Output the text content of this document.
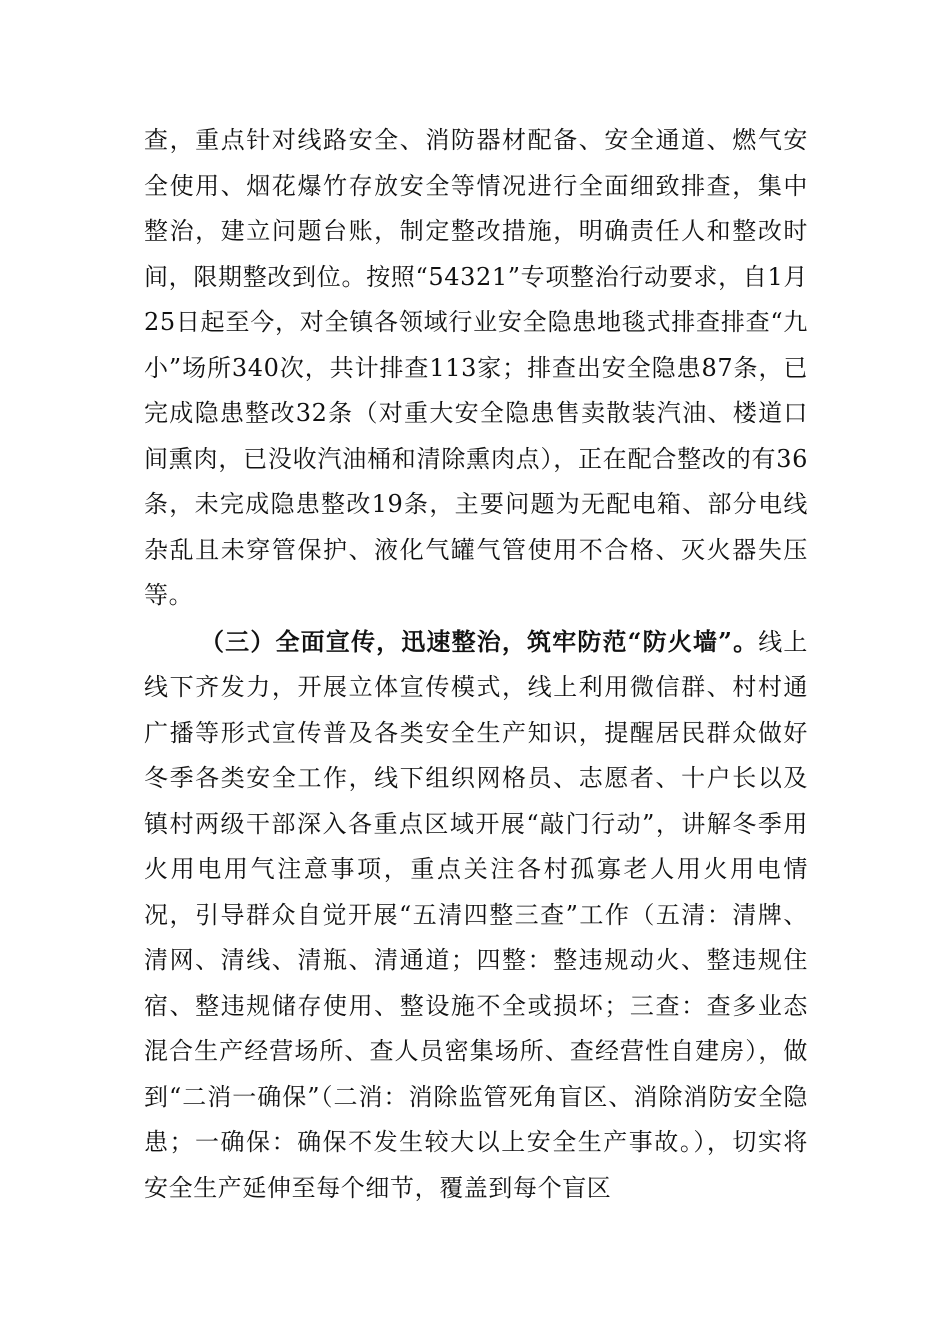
查，重点针对线路安全、消防器材配备、安全通道、燃气安全使用、烟花爆竹存放安全等情况进行全面细致排查，集中整治，建立问题台账，制定整改措施，明确责任人和整改时间，限期整改到位。按照“54321”专项整治行动要求，自1月25日起至今，对全镇各领域行业安全隐患地毯式排查排查“九小”场所340次，共计排查113家；排查出安全隐患87条，已完成隐患整改32条（对重大安全隐患售卖散装汽油、楼道口间熏肉，已没收汽油桶和清除熏肉点），正在配合整改的有36条，未完成隐患整改19条，主要问题为无配电箱、部分电线杂乱且未穿管保护、液化气罐气管使用不合格、灭火器失压等。

（三）全面宣传，迅速整治，筑牢防范“防火墙”。线上线下齐发力，开展立体宣传模式，线上利用微信群、村村通广播等形式宣传普及各类安全生产知识，提醒居民群众做好冬季各类安全工作，线下组织网格员、志愿者、十户长以及镇村两级干部深入各重点区域开展“敲门行动”，讲解冬季用火用电用气注意事项，重点关注各村孤寡老人用火用电情况，引导群众自觉开展“五清四整三查”工作（五清：清牌、清网、清线、清瓶、清通道；四整：整违规动火、整违规住宿、整违规储存使用、整设施不全或损坏；三查：查多业态混合生产经营场所、查人员密集场所、查经营性自建房），做到“二消一确保”（二消：消除监管死角盲区、消除消防安全隐患；一确保：确保不发生较大以上安全生产事故。），切实将安全生产延伸至每个细节，覆盖到每个盲区
